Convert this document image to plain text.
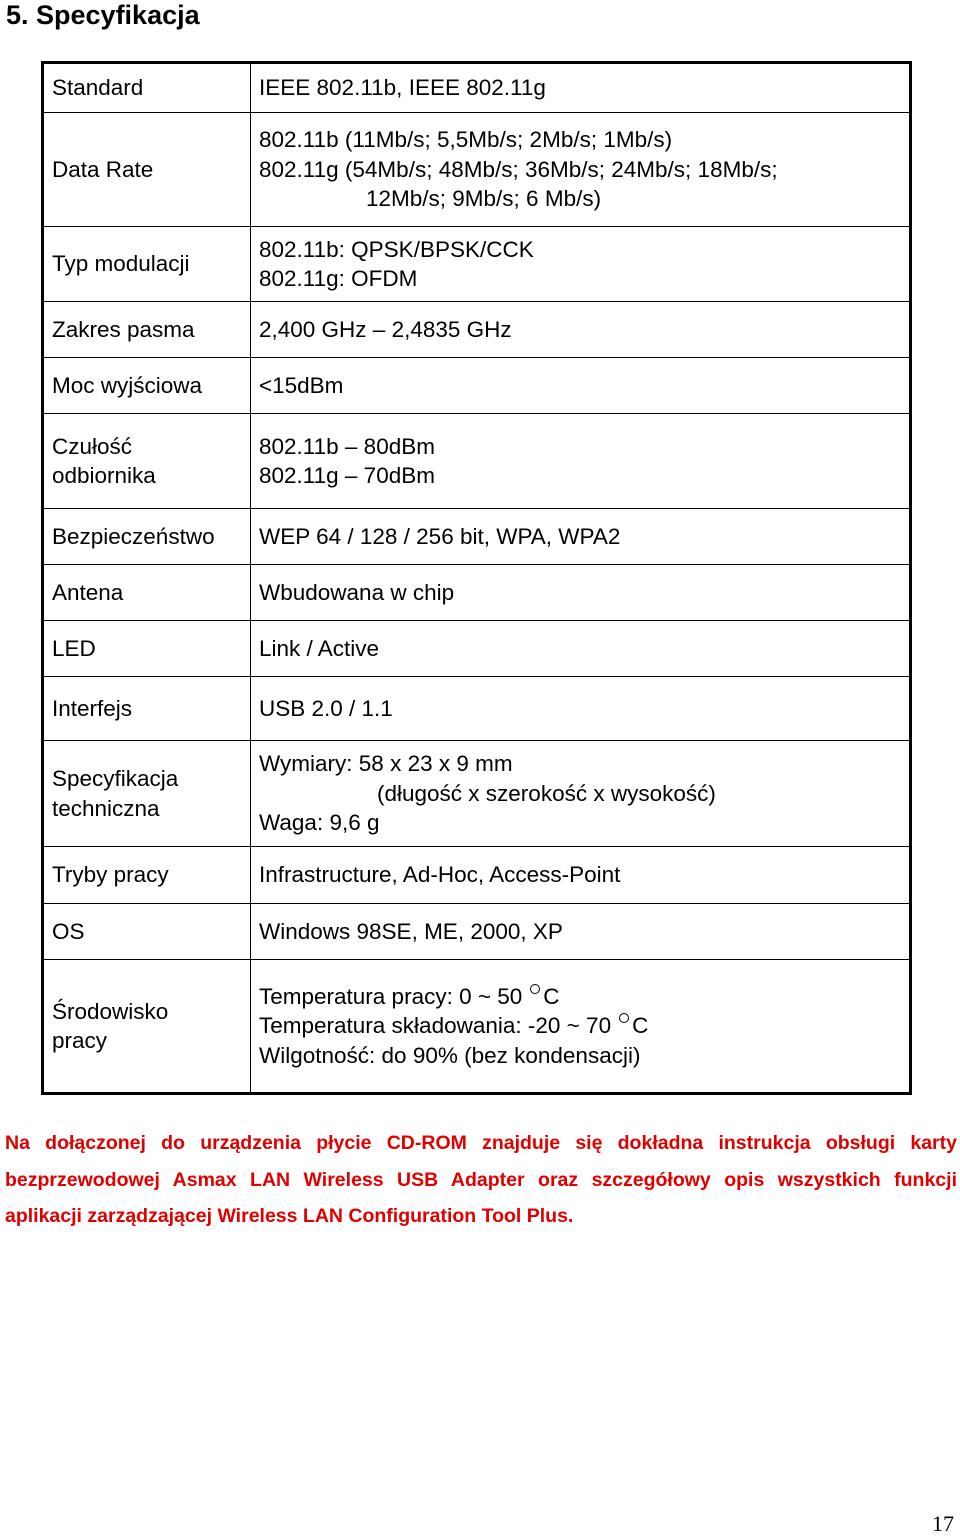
5. Specyfikacja
Standard	IEEE 802.11b, IEEE 802.11g

Data Rate	802.11b (11Mb/s; 5,5Mb/s; 2Mb/s; 1Mb/s)
802.11g (54Mb/s; 48Mb/s; 36Mb/s; 24Mb/s; 18Mb/s;
12Mb/s; 9Mb/s; 6 Mb/s)

Typ modulacji	802.11b: QPSK/BPSK/CCK
802.11g: OFDM

Zakres pasma	2,400 GHz – 2,4835 GHz

Moc wyjściowa	<15dBm

Czułość
odbiornika	802.11b – 80dBm
802.11g – 70dBm

Bezpieczeństwo	WEP 64 / 128 / 256 bit, WPA, WPA2

Antena	Wbudowana w chip

LED	Link / Active

Interfejs	USB 2.0 / 1.1

Specyfikacja
techniczna	Wymiary: 58 x 23 x 9 mm
(długość x szerokość x wysokość)
Waga: 9,6 g

Tryby pracy	Infrastructure, Ad-Hoc, Access-Point

OS	Windows 98SE, ME, 2000, XP

Środowisko
pracy	Temperatura pracy: 0 ~ 50 C
Temperatura składowania: -20 ~ 70 C
Wilgotność: do 90% (bez kondensacji)

Na dołączonej do urządzenia płycie CD-ROM znajduje się dokładna instrukcja obsługi karty bezprzewodowej Asmax LAN Wireless USB Adapter oraz szczegółowy opis wszystkich funkcji aplikacji zarządzającej Wireless LAN Configuration Tool Plus.

17
